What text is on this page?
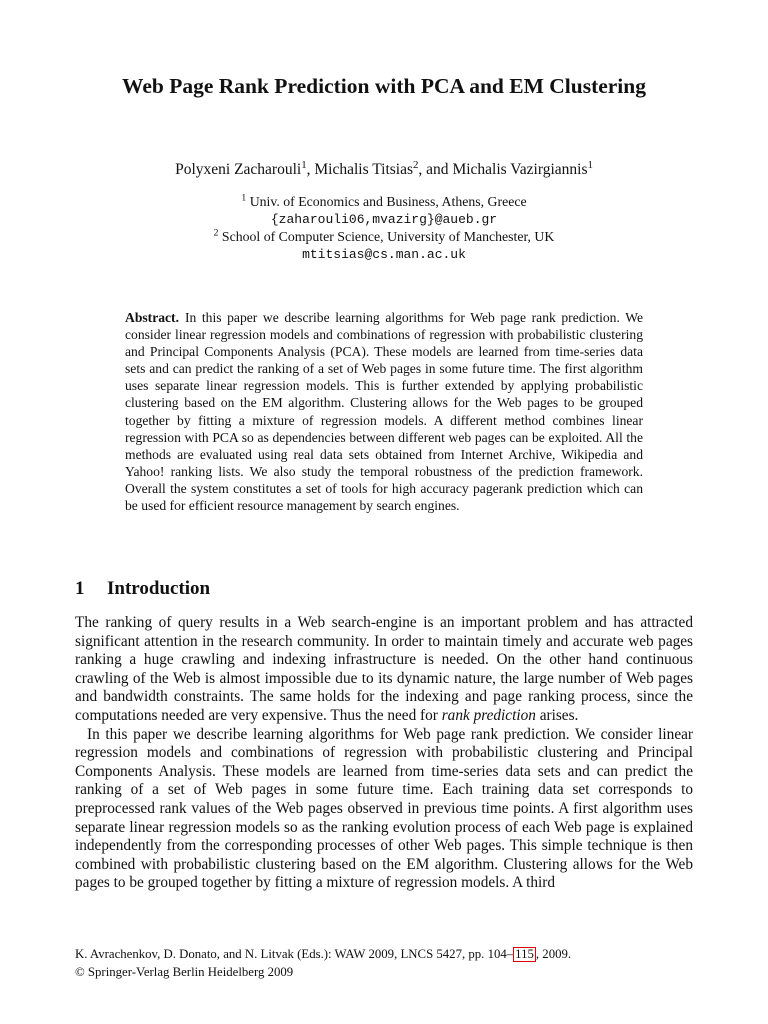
Web Page Rank Prediction with PCA and EM Clustering
Polyxeni Zacharouli$^1$, Michalis Titsias$^2$, and Michalis Vazirgiannis$^1$
$^1$ Univ. of Economics and Business, Athens, Greece
{zaharouli06,mvazirg}@aueb.gr
$^2$ School of Computer Science, University of Manchester, UK
mtitsias@cs.man.ac.uk
Abstract. In this paper we describe learning algorithms for Web page rank prediction. We consider linear regression models and combinations of regression with probabilistic clustering and Principal Components Analysis (PCA). These models are learned from time-series data sets and can predict the ranking of a set of Web pages in some future time. The first algorithm uses separate linear regression models. This is further extended by applying probabilistic clustering based on the EM algorithm. Clustering allows for the Web pages to be grouped together by fitting a mixture of regression models. A different method combines linear regression with PCA so as dependencies between different web pages can be exploited. All the methods are evaluated using real data sets obtained from Internet Archive, Wikipedia and Yahoo! ranking lists. We also study the temporal robustness of the prediction framework. Overall the system constitutes a set of tools for high accuracy pagerank prediction which can be used for efficient resource management by search engines.
1 Introduction

The ranking of query results in a Web search-engine is an important problem and has attracted significant attention in the research community. In order to maintain timely and accurate web pages ranking a huge crawling and indexing infrastructure is needed. On the other hand continuous crawling of the Web is almost impossible due to its dynamic nature, the large number of Web pages and bandwidth constraints. The same holds for the indexing and page ranking process, since the computations needed are very expensive. Thus the need for rank prediction arises.

In this paper we describe learning algorithms for Web page rank prediction. We consider linear regression models and combinations of regression with probabilistic clustering and Principal Components Analysis. These models are learned from time-series data sets and can predict the ranking of a set of Web pages in some future time. Each training data set corresponds to preprocessed rank values of the Web pages observed in previous time points. A first algorithm uses separate linear regression models so as the ranking evolution process of each Web page is explained independently from the corresponding processes of other Web pages. This simple technique is then combined with probabilistic clustering based on the EM algorithm. Clustering allows for the Web pages to be grouped together by fitting a mixture of regression models. A third

K. Avrachenkov, D. Donato, and N. Litvak (Eds.): WAW 2009, LNCS 5427, pp. 104– 115 , 2009.
© Springer-Verlag Berlin Heidelberg 2009
